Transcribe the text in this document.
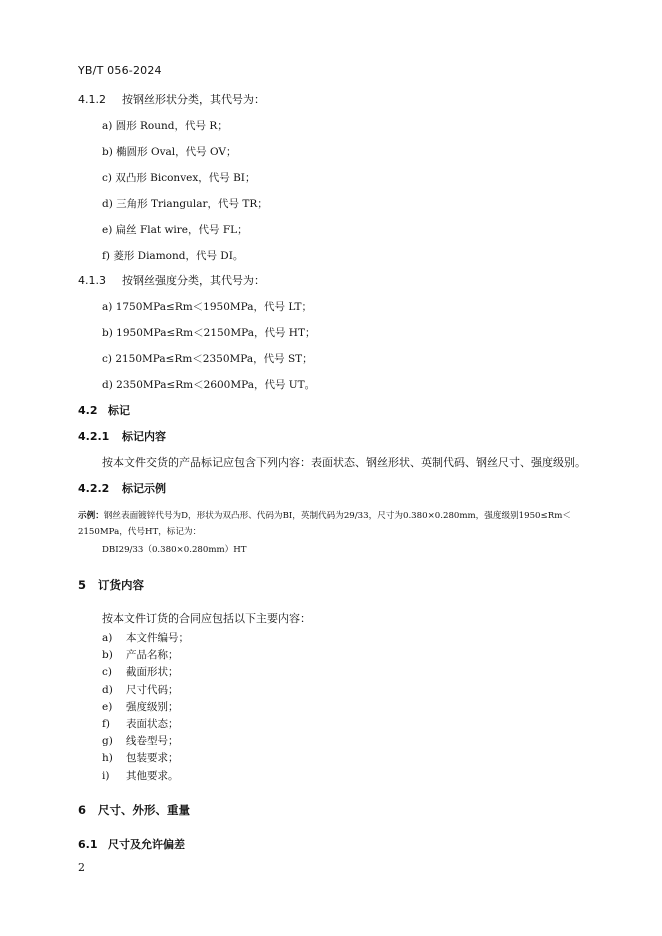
YB/T 056-2024
4.1.2 按钢丝形状分类，其代号为：
a) 圆形 Round，代号 R；
b) 椭圆形 Oval，代号 OV；
c) 双凸形 Biconvex，代号 BI；
d) 三角形 Triangular，代号 TR；
e) 扁丝 Flat wire，代号 FL；
f) 菱形 Diamond，代号 DI。
4.1.3 按钢丝强度分类，其代号为：
a) 1750MPa≤Rm＜1950MPa，代号 LT；
b) 1950MPa≤Rm＜2150MPa，代号 HT；
c) 2150MPa≤Rm＜2350MPa，代号 ST；
d) 2350MPa≤Rm＜2600MPa，代号 UT。
4.2 标记
4.2.1 标记内容
按本文件交货的产品标记应包含下列内容：表面状态、钢丝形状、英制代码、钢丝尺寸、强度级别。
4.2.2 标记示例
示例：钢丝表面镀锌代号为D，形状为双凸形、代码为BI，英制代码为29/33，尺寸为0.380×0.280mm，强度级别1950≤Rm＜2150MPa，代号HT，标记为：
DBI29/33（0.380×0.280mm）HT
5 订货内容
按本文件订货的合同应包括以下主要内容：
a) 本文件编号；
b) 产品名称；
c) 截面形状；
d) 尺寸代码；
e) 强度级别；
f) 表面状态；
g) 线卷型号；
h) 包装要求；
i) 其他要求。
6 尺寸、外形、重量
6.1 尺寸及允许偏差
2
